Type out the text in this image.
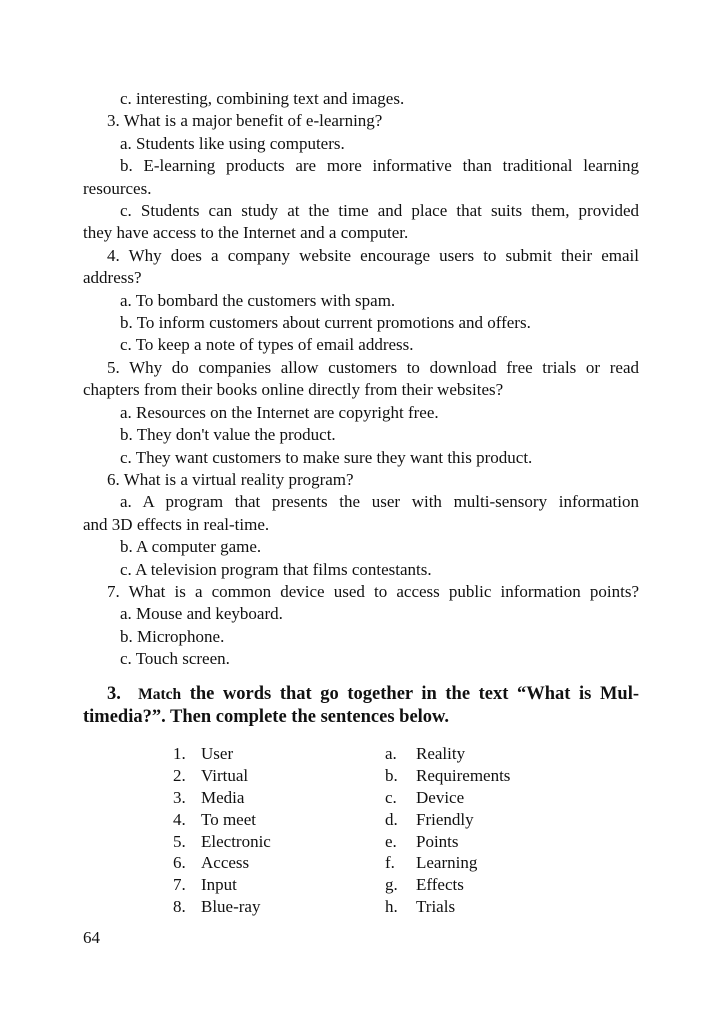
c. interesting, combining text and images.
3. What is a major benefit of e-learning?
a. Students like using computers.
b. E-learning products are more informative than traditional learning
resources.
c. Students can study at the time and place that suits them, provided
they have access to the Internet and a computer.
4. Why does a company website encourage users to submit their email
address?
a. To bombard the customers with spam.
b. To inform customers about current promotions and offers.
c. To keep a note of types of email address.
5. Why do companies allow customers to download free trials or read
chapters from their books online directly from their websites?
a. Resources on the Internet are copyright free.
b. They don't value the product.
c. They want customers to make sure they want this product.
6. What is a virtual reality program?
a. A program that presents the user with multi-sensory information
and 3D effects in real-time.
b. A computer game.
c. A television program that films contestants.
7. What is a common device used to access public information points?
a. Mouse and keyboard.
b. Microphone.
c. Touch screen.
3. Match the words that go together in the text “What is Mul-
timedia?”. Then complete the sentences below.
1. User	a. Reality
2. Virtual	b. Requirements
3. Media	c. Device
4. To meet	d. Friendly
5. Electronic	e. Points
6. Access	f. Learning
7. Input	g. Effects
8. Blue-ray	h. Trials
64
